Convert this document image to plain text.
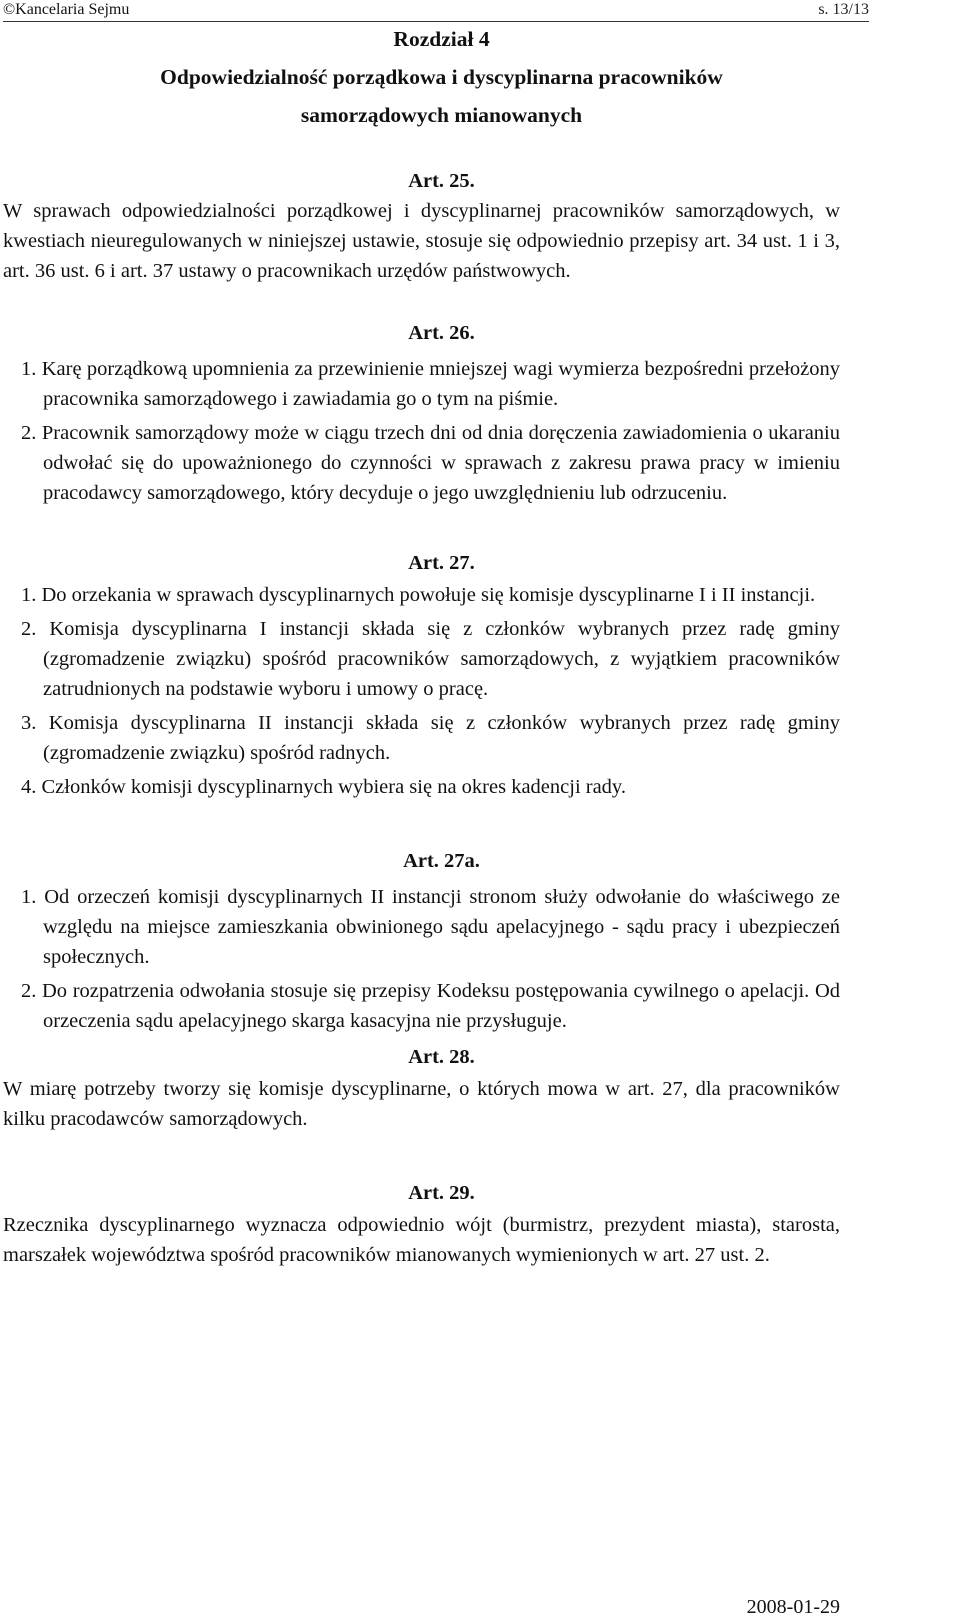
©Kancelaria Sejmu	s. 13/13
Rozdział 4
Odpowiedzialność porządkowa i dyscyplinarna pracowników
samorządowych mianowanych
Art. 25.
W sprawach odpowiedzialności porządkowej i dyscyplinarnej pracowników samorządowych, w kwestiach nieuregulowanych w niniejszej ustawie, stosuje się odpowiednio przepisy art. 34 ust. 1 i 3, art. 36 ust. 6 i art. 37 ustawy o pracownikach urzędów państwowych.
Art. 26.
1. Karę porządkową upomnienia za przewinienie mniejszej wagi wymierza bezpośredni przełożony pracownika samorządowego i zawiadamia go o tym na piśmie.
2. Pracownik samorządowy może w ciągu trzech dni od dnia doręczenia zawiadomienia o ukaraniu odwołać się do upoważnionego do czynności w sprawach z zakresu prawa pracy w imieniu pracodawcy samorządowego, który decyduje o jego uwzględnieniu lub odrzuceniu.
Art. 27.
1. Do orzekania w sprawach dyscyplinarnych powołuje się komisje dyscyplinarne I i II instancji.
2. Komisja dyscyplinarna I instancji składa się z członków wybranych przez radę gminy (zgromadzenie związku) spośród pracowników samorządowych, z wyjątkiem pracowników zatrudnionych na podstawie wyboru i umowy o pracę.
3. Komisja dyscyplinarna II instancji składa się z członków wybranych przez radę gminy (zgromadzenie związku) spośród radnych.
4. Członków komisji dyscyplinarnych wybiera się na okres kadencji rady.
Art. 27a.
1. Od orzeczeń komisji dyscyplinarnych II instancji stronom służy odwołanie do właściwego ze względu na miejsce zamieszkania obwinionego sądu apelacyjnego - sądu pracy i ubezpieczeń społecznych.
2. Do rozpatrzenia odwołania stosuje się przepisy Kodeksu postępowania cywilnego o apelacji. Od orzeczenia sądu apelacyjnego skarga kasacyjna nie przysługuje.
Art. 28.
W miarę potrzeby tworzy się komisje dyscyplinarne, o których mowa w art. 27, dla pracowników kilku pracodawców samorządowych.
Art. 29.
Rzecznika dyscyplinarnego wyznacza odpowiednio wójt (burmistrz, prezydent miasta), starosta, marszałek województwa spośród pracowników mianowanych wymienionych w art. 27 ust. 2.
2008-01-29
